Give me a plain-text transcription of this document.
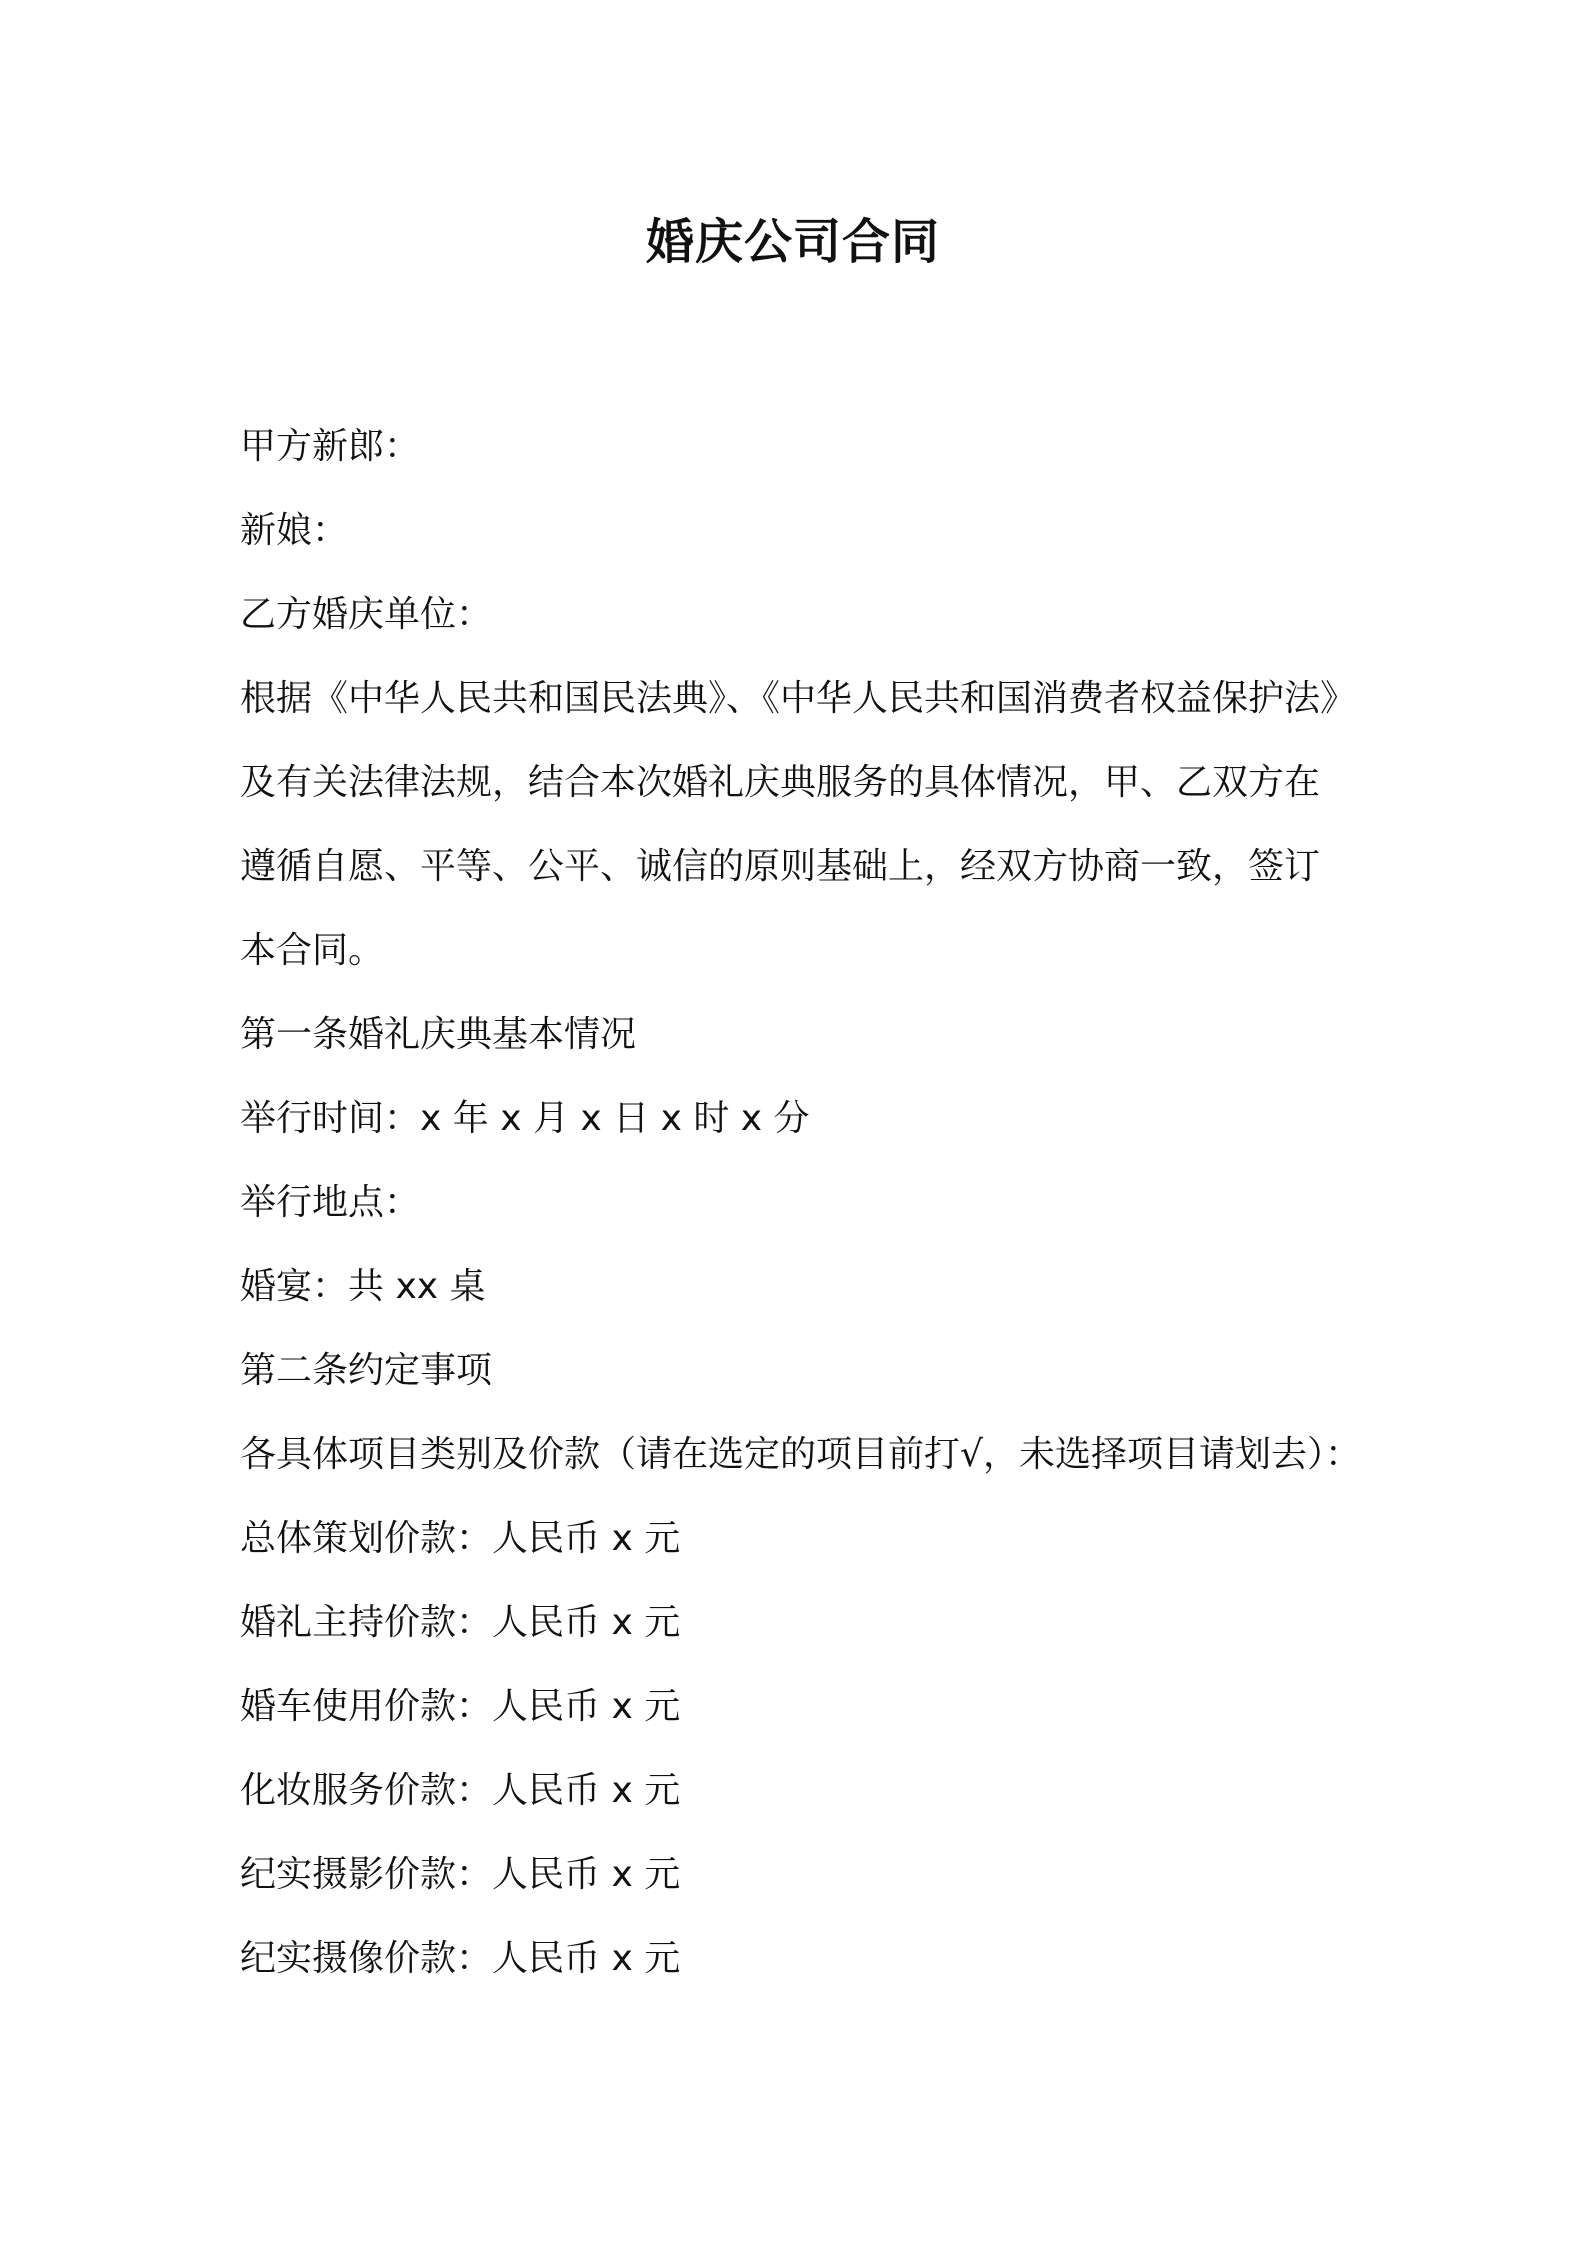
婚庆公司合同
甲方新郎：
新娘：
乙方婚庆单位：
根据《中华人民共和国民法典》、《中华人民共和国消费者权益保护法》
及有关法律法规，结合本次婚礼庆典服务的具体情况，甲、乙双方在
遵循自愿、平等、公平、诚信的原则基础上，经双方协商一致，签订
本合同。
第一条婚礼庆典基本情况
举行时间：x 年 x 月 x 日 x 时 x 分
举行地点：
婚宴：共 xx 桌
第二条约定事项
各具体项目类别及价款（请在选定的项目前打√，未选择项目请划去）：
总体策划价款：人民币 x 元
婚礼主持价款：人民币 x 元
婚车使用价款：人民币 x 元
化妆服务价款：人民币 x 元
纪实摄影价款：人民币 x 元
纪实摄像价款：人民币 x 元
